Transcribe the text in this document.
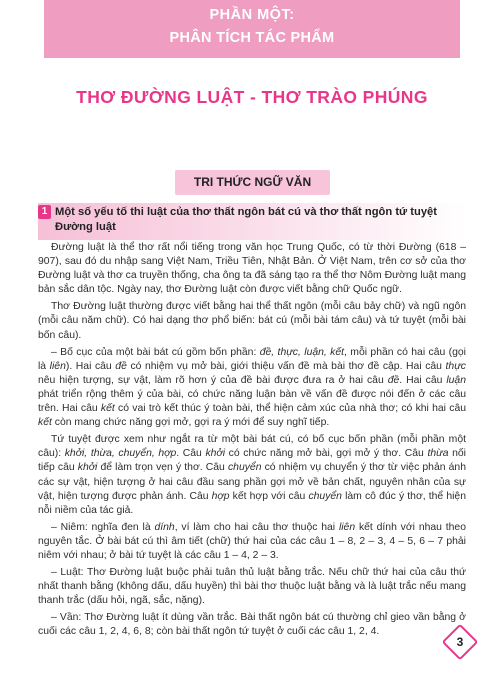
PHẦN MỘT:
PHÂN TÍCH TÁC PHẨM
THƠ ĐƯỜNG LUẬT - THƠ TRÀO PHÚNG
TRI THỨC NGỮ VĂN
1 Một số yếu tố thi luật của thơ thất ngôn bát cú và thơ thất ngôn tứ tuyệt Đường luật

Đường luật là thể thơ rất nổi tiếng trong văn học Trung Quốc, có từ thời Đường (618 – 907), sau đó du nhập sang Việt Nam, Triều Tiên, Nhật Bản. Ở Việt Nam, trên cơ sở của thơ Đường luật và thơ ca truyền thống, cha ông ta đã sáng tạo ra thể thơ Nôm Đường luật mang bản sắc dân tộc. Ngày nay, thơ Đường luật còn được viết bằng chữ Quốc ngữ.

Thơ Đường luật thường được viết bằng hai thể thất ngôn (mỗi câu bảy chữ) và ngũ ngôn (mỗi câu năm chữ). Có hai dạng thơ phổ biến: bát cú (mỗi bài tám câu) và tứ tuyệt (mỗi bài bốn câu).

– Bố cục của một bài bát cú gồm bốn phần: đề, thực, luận, kết, mỗi phần có hai câu (gọi là liên). Hai câu đề có nhiệm vụ mở bài, giới thiệu vấn đề mà bài thơ đề cập. Hai câu thực nêu hiện tượng, sự vật, làm rõ hơn ý của đề bài được đưa ra ở hai câu đề. Hai câu luận phát triển rộng thêm ý của bài, có chức năng luận bàn về vấn đề được nói đến ở các câu trên. Hai câu kết có vai trò kết thúc ý toàn bài, thể hiện cảm xúc của nhà thơ; có khi hai câu kết còn mang chức năng gợi mở, gợi ra ý mới để suy nghĩ tiếp.

Tứ tuyệt được xem như ngắt ra từ một bài bát cú, có bố cục bốn phần (mỗi phần một câu): khởi, thừa, chuyển, hợp. Câu khởi có chức năng mở bài, gợi mở ý thơ. Câu thừa nối tiếp câu khởi để làm trọn vẹn ý thơ. Câu chuyển có nhiệm vụ chuyển ý thơ từ việc phản ánh các sự vật, hiện tượng ở hai câu đầu sang phần gợi mở về bản chất, nguyên nhân của sự vật, hiện tượng được phản ánh. Câu hợp kết hợp với câu chuyển làm cô đúc ý thơ, thể hiện nỗi niềm của tác giả.

– Niêm: nghĩa đen là dính, ví làm cho hai câu thơ thuộc hai liên kết dính với nhau theo nguyên tắc. Ở bài bát cú thì âm tiết (chữ) thứ hai của các câu 1 – 8, 2 – 3, 4 – 5, 6 – 7 phải niêm với nhau; ở bài tứ tuyệt là các câu 1 – 4, 2 – 3.

– Luật: Thơ Đường luật buộc phải tuân thủ luật bằng trắc. Nếu chữ thứ hai của câu thứ nhất thanh bằng (không dấu, dấu huyền) thì bài thơ thuộc luật bằng và là luật trắc nếu mang thanh trắc (dấu hỏi, ngã, sắc, nặng).

– Vần: Thơ Đường luật ít dùng vần trắc. Bài thất ngôn bát cú thường chỉ gieo vần bằng ở cuối các câu 1, 2, 4, 6, 8; còn bài thất ngôn tứ tuyệt ở cuối các câu 1, 2, 4.

3
